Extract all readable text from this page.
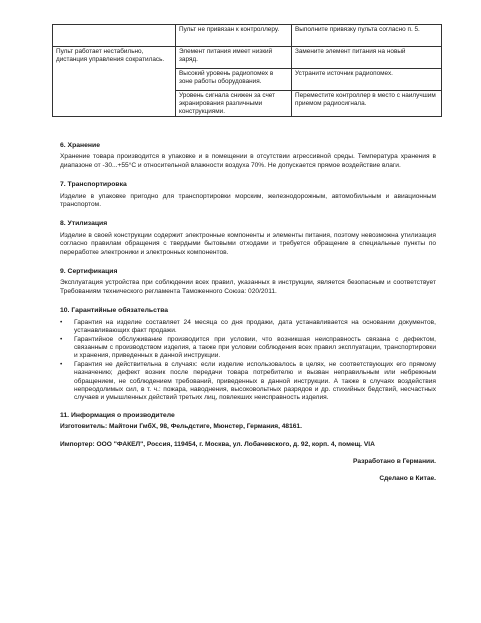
	Пульт не привязан к контроллеру.	Выполните привязку пульта согласно п. 5.
Пульт работает нестабильно, дистанция управления сократилась.	Элемент питания имеет низкий заряд.	Замените элемент питания на новый
	Высокий уровень радиопомех в зоне работы оборудования.	Устраните источник радиопомех.
	Уровень сигнала снижен за счет экранирования различными конструкциями.	Переместите контроллер в место с наилучшим приемом радиосигнала.
6. Хранение
Хранение товара производится в упаковке и в помещении в отсутствии агрессивной среды. Температура хранения в диапазоне от -30...+55°C и относительной влажности воздуха 70%. Не допускается прямое воздействие влаги.
7. Транспортировка
Изделие в упаковке пригодно для транспортировки морским, железнодорожным, автомобильным и авиационным транспортом.
8. Утилизация
Изделие в своей конструкции содержит электронные компоненты и элементы питания, поэтому невозможна утилизация согласно правилам обращения с твердыми бытовыми отходами и требуется обращение в специальные пункты по переработке электроники и электронных компонентов.
9. Сертификация
Эксплуатация устройства при соблюдении всех правил, указанных в инструкции, является безопасным и соответствует Требованиям технического регламента Таможенного Союза: 020/2011.
10. Гарантийные обязательства
•	Гарантия на изделие составляет 24 месяца со дня продажи, дата устанавливается на основании документов, устанавливающих факт продажи.
•	Гарантийное обслуживание производится при условии, что возникшая неисправность связана с дефектом, связанным с производством изделия, а также при условии соблюдения всех правил эксплуатации, транспортировки и хранения, приведенных в данной инструкции.
•	Гарантия не действительна в случаях: если изделие использовалось в целях, не соответствующих его прямому назначению; дефект возник после передачи товара потребителю и вызван неправильным или небрежным обращением, не соблюдением требований, приведенных в данной инструкции. А также в случаях воздействия непреодолимых сил, в т. ч.: пожара, наводнения, высоковольтных разрядов и др. стихийных бедствий, несчастных случаев и умышленных действий третьих лиц, повлекших неисправность изделия.
11. Информация о производителе
Изготовитель: Майтони ГмбХ, 98, Фельдстиге, Мюнстер, Германия, 48161.
Импортер: ООО "ФАКЕЛ", Россия, 119454, г. Москва, ул. Лобачевского, д. 92, корп. 4, помещ. VIA
Разработано в Германии.
Сделано в Китае.
